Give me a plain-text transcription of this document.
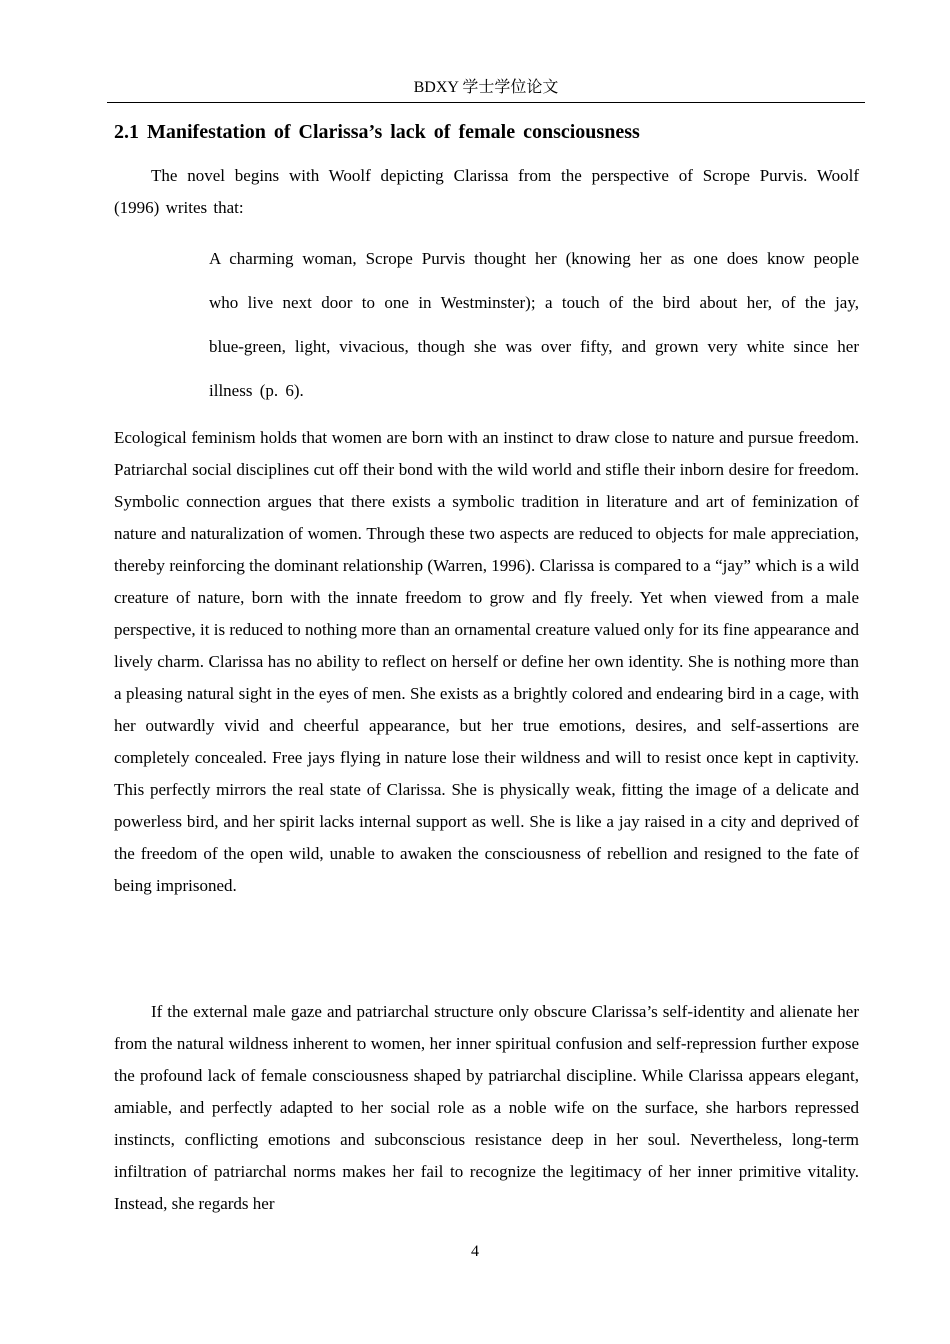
BDXY 学士学位论文
2.1 Manifestation of Clarissa’s lack of female consciousness

The novel begins with Woolf depicting Clarissa from the perspective of Scrope Purvis. Woolf (1996) writes that:

A charming woman, Scrope Purvis thought her (knowing her as one does know people who live next door to one in Westminster); a touch of the bird about her, of the jay, blue-green, light, vivacious, though she was over fifty, and grown very white since her illness (p. 6).

Ecological feminism holds that women are born with an instinct to draw close to nature and pursue freedom. Patriarchal social disciplines cut off their bond with the wild world and stifle their inborn desire for freedom. Symbolic connection argues that there exists a symbolic tradition in literature and art of feminization of nature and naturalization of women. Through these two aspects are reduced to objects for male appreciation, thereby reinforcing the dominant relationship (Warren, 1996). Clarissa is compared to a “jay” which is a wild creature of nature, born with the innate freedom to grow and fly freely. Yet when viewed from a male perspective, it is reduced to nothing more than an ornamental creature valued only for its fine appearance and lively charm. Clarissa has no ability to reflect on herself or define her own identity. She is nothing more than a pleasing natural sight in the eyes of men. She exists as a brightly colored and endearing bird in a cage, with her outwardly vivid and cheerful appearance, but her true emotions, desires, and self-assertions are completely concealed. Free jays flying in nature lose their wildness and will to resist once kept in captivity. This perfectly mirrors the real state of Clarissa. She is physically weak, fitting the image of a delicate and powerless bird, and her spirit lacks internal support as well. She is like a jay raised in a city and deprived of the freedom of the open wild, unable to awaken the consciousness of rebellion and resigned to the fate of being imprisoned.

If the external male gaze and patriarchal structure only obscure Clarissa’s self-identity and alienate her from the natural wildness inherent to women, her inner spiritual confusion and self-repression further expose the profound lack of female consciousness shaped by patriarchal discipline. While Clarissa appears elegant, amiable, and perfectly adapted to her social role as a noble wife on the surface, she harbors repressed instincts, conflicting emotions and subconscious resistance deep in her soul. Nevertheless, long-term infiltration of patriarchal norms makes her fail to recognize the legitimacy of her inner primitive vitality. Instead, she regards her

4
